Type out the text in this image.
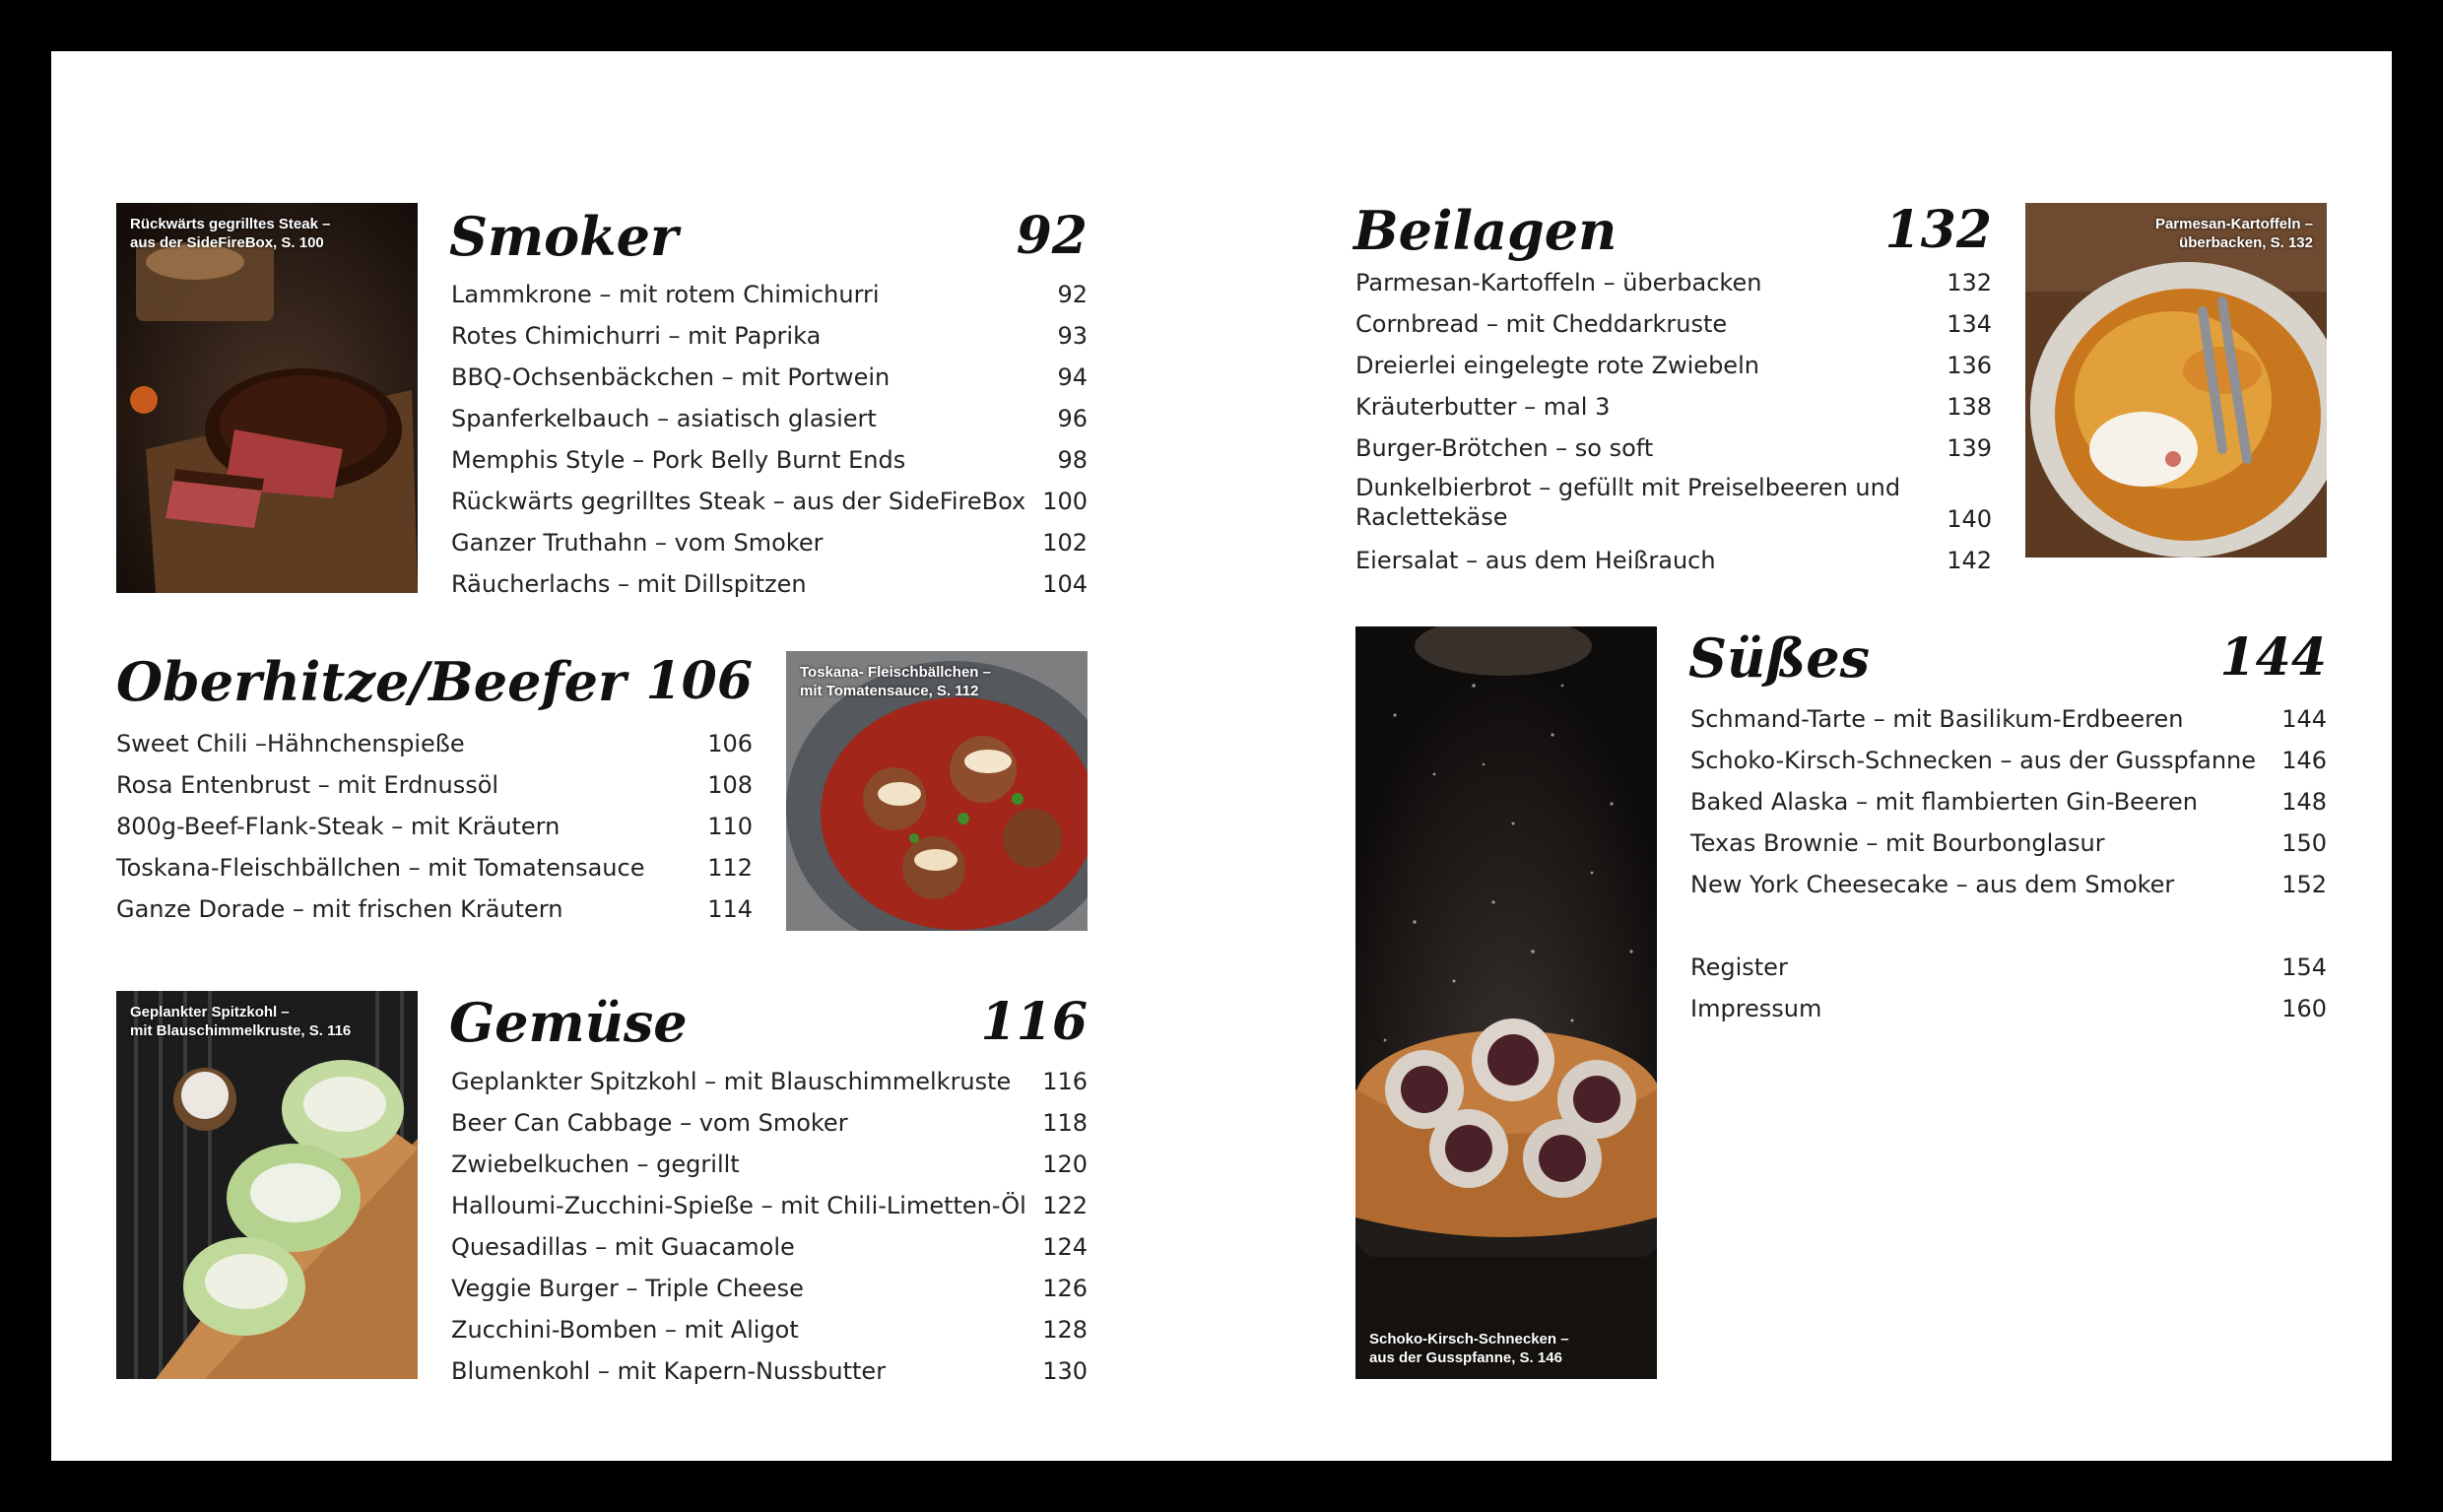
Rückwärts gegrilltes Steak –
aus der SideFireBox, S. 100
Toskana- Fleischbällchen –
mit Tomatensauce, S. 112
Geplankter Spitzkohl –
mit Blauschimmelkruste, S. 116
Parmesan-Kartoffeln –
überbacken, S. 132
Schoko-Kirsch-Schnecken –
aus der Gusspfanne, S. 146
Smoker	92
Lammkrone – mit rotem Chimichurri	92
Rotes Chimichurri – mit Paprika	93
BBQ-Ochsenbäckchen – mit Portwein	94
Spanferkelbauch – asiatisch glasiert	96
Memphis Style – Pork Belly Burnt Ends	98
Rückwärts gegrilltes Steak – aus der SideFireBox 100
Ganzer Truthahn – vom Smoker	102
Räucherlachs – mit Dillspitzen	104
Oberhitze/Beefer 106
Sweet Chili –Hähnchenspieße	106
Rosa Entenbrust – mit Erdnussöl	108
800g-Beef-Flank-Steak – mit Kräutern	110
Toskana-Fleischbällchen – mit Tomatensauce	112
Ganze Dorade – mit frischen Kräutern	114
Gemüse	116
Geplankter Spitzkohl – mit Blauschimmelkruste 116
Beer Can Cabbage – vom Smoker	118
Zwiebelkuchen – gegrillt	120
Halloumi-Zucchini-Spieße – mit Chili-Limetten-Öl 122
Quesadillas – mit Guacamole	124
Veggie Burger – Triple Cheese	126
Zucchini-Bomben – mit Aligot	128
Blumenkohl – mit Kapern-Nussbutter	130
Beilagen	132
Parmesan-Kartoffeln – überbacken	132
Cornbread – mit Cheddarkruste	134
Dreierlei eingelegte rote Zwiebeln	136
Kräuterbutter – mal 3	138
Burger-Brötchen – so soft	139
Dunkelbierbrot – gefüllt mit Preiselbeeren und Raclettekäse	140
Eiersalat – aus dem Heißrauch	142
Süßes	144
Schmand-Tarte – mit Basilikum-Erdbeeren	144
Schoko-Kirsch-Schnecken – aus der Gusspfanne 146
Baked Alaska – mit flambierten Gin-Beeren	148
Texas Brownie – mit Bourbonglasur	150
New York Cheesecake – aus dem Smoker	152
Register	154
Impressum	160
